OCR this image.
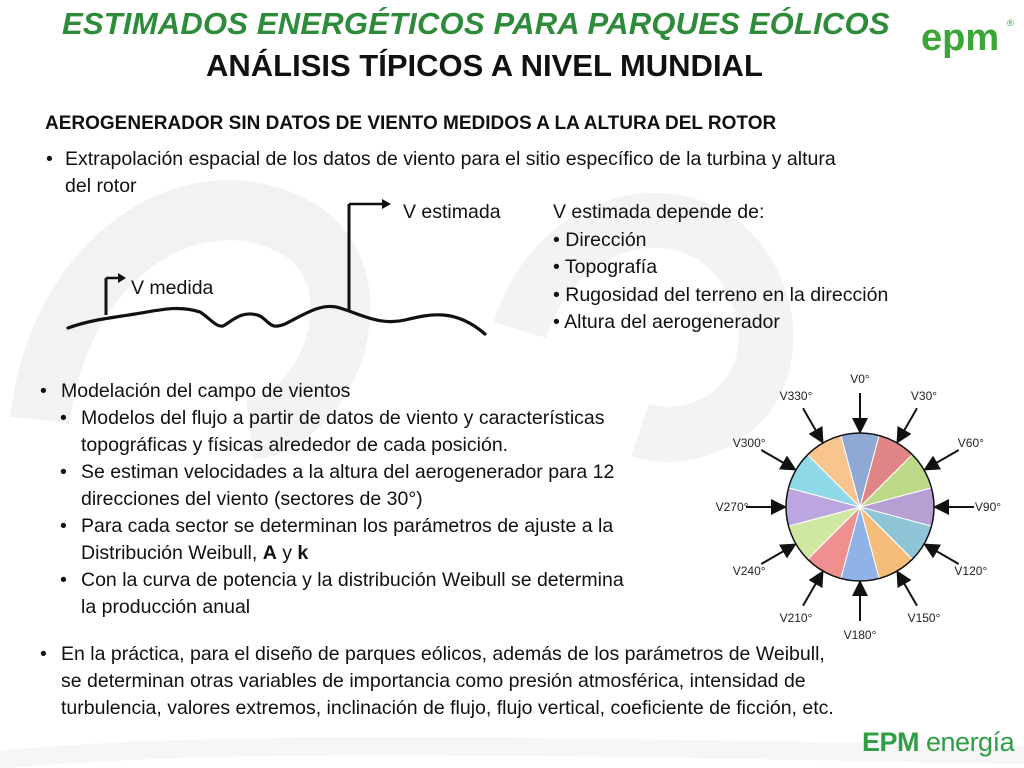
ESTIMADOS ENERGÉTICOS PARA PARQUES EÓLICOS
ANÁLISIS TÍPICOS A NIVEL MUNDIAL
epm ®
AEROGENERADOR SIN DATOS DE VIENTO MEDIDOS A LA ALTURA DEL ROTOR
• Extrapolación espacial de los datos de viento para el sitio específico de la turbina y altura
del rotor
V medida
V estimada	V estimada depende de:
• Dirección
• Topografía
• Rugosidad del terreno en la dirección
• Altura del aerogenerador
• Modelación del campo de vientos
• Modelos del flujo a partir de datos de viento y características
topográficas y físicas alrededor de cada posición.
• Se estiman velocidades a la altura del aerogenerador para 12
direcciones del viento (sectores de 30°)
• Para cada sector se determinan los parámetros de ajuste a la
Distribución Weibull, A y k
• Con la curva de potencia y la distribución Weibull se determina
la producción anual
V0°
V30°
V60°
V90°
V120°
V150°
V180°
V210°
V240°
V270°
V300°
V330°
• En la práctica, para el diseño de parques eólicos, además de los parámetros de Weibull,
se determinan otras variables de importancia como presión atmosférica, intensidad de
turbulencia, valores extremos, inclinación de flujo, flujo vertical, coeficiente de ficción, etc.
EPM energía
